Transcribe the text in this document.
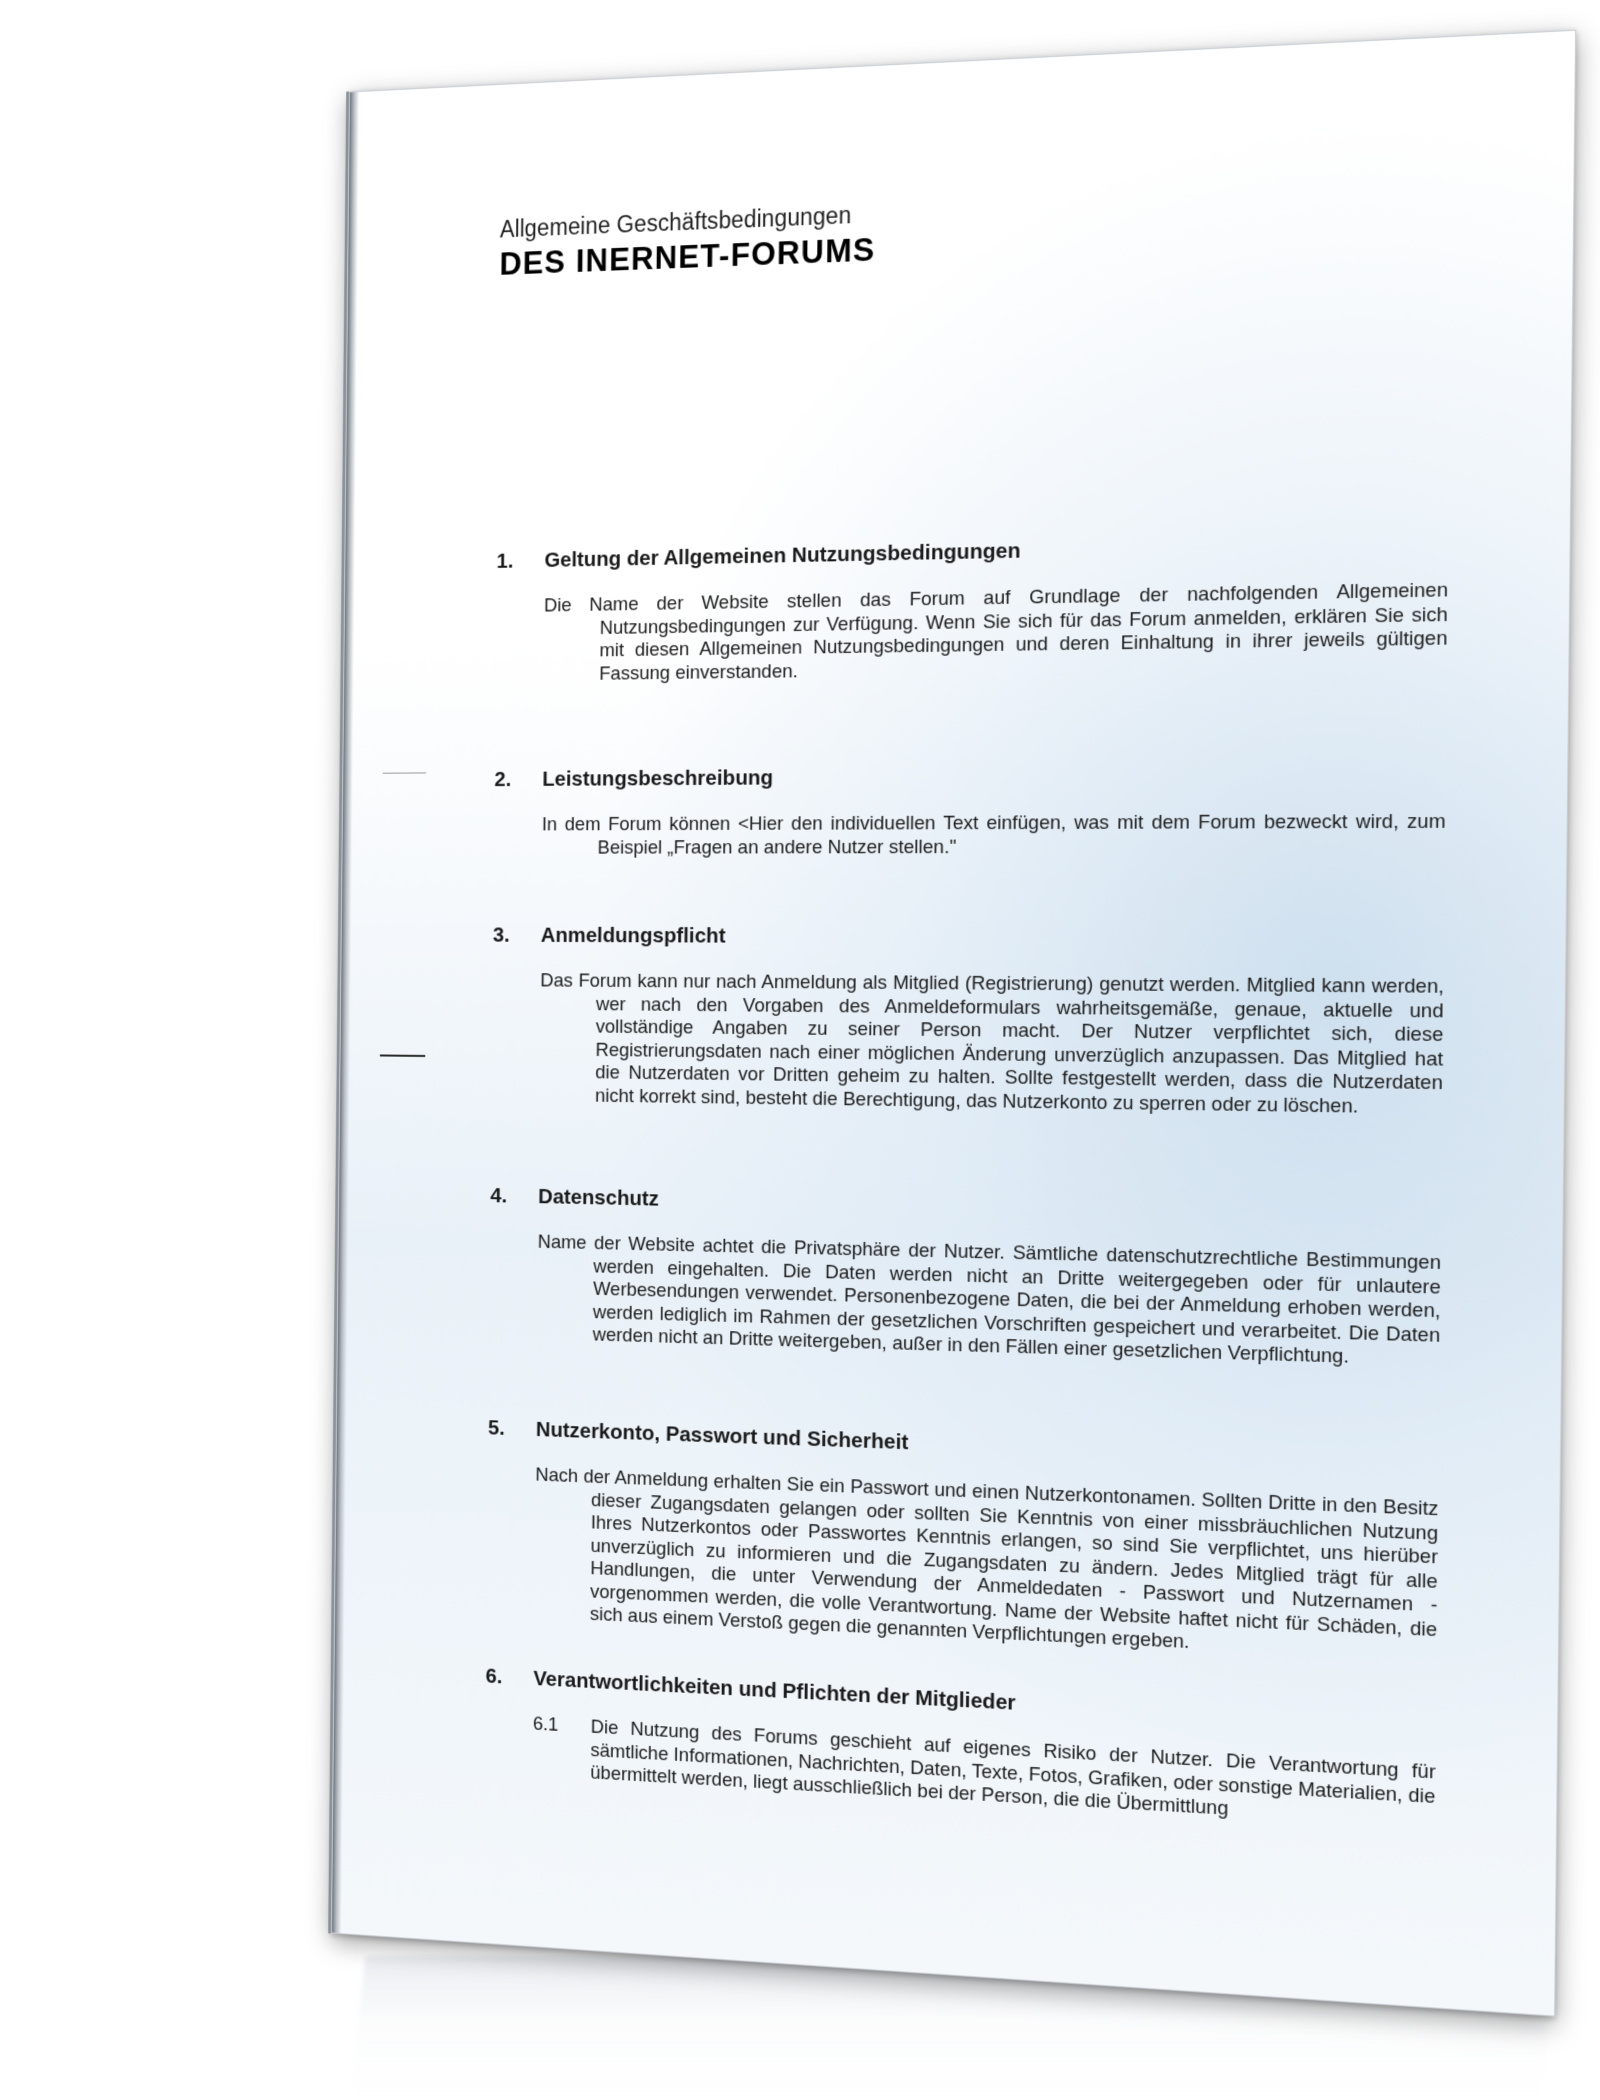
Allgemeine Geschäftsbedingungen
DES INERNET-FORUMS
1.	Geltung der Allgemeinen Nutzungsbedingungen
Die Name der Website stellen das Forum auf Grundlage der nachfolgenden Allgemeinen Nutzungsbedingungen zur Verfügung. Wenn Sie sich für das Forum anmelden, erklären Sie sich mit diesen Allgemeinen Nutzungsbedingungen und deren Einhaltung in ihrer jeweils gültigen Fassung einverstanden.
2.	Leistungsbeschreibung
In dem Forum können <Hier den individuellen Text einfügen, was mit dem Forum bezweckt wird, zum Beispiel „Fragen an andere Nutzer stellen."
3.	Anmeldungspflicht
Das Forum kann nur nach Anmeldung als Mitglied (Registrierung) genutzt werden. Mitglied kann werden, wer nach den Vorgaben des Anmeldeformulars wahrheitsgemäße, genaue, aktuelle und vollständige Angaben zu seiner Person macht. Der Nutzer verpflichtet sich, diese Registrierungsdaten nach einer möglichen Änderung unverzüglich anzupassen. Das Mitglied hat die Nutzerdaten vor Dritten geheim zu halten. Sollte festgestellt werden, dass die Nutzerdaten nicht korrekt sind, besteht die Berechtigung, das Nutzerkonto zu sperren oder zu löschen.
4.	Datenschutz
Name der Website achtet die Privatsphäre der Nutzer. Sämtliche datenschutzrechtliche Bestimmungen werden eingehalten. Die Daten werden nicht an Dritte weitergegeben oder für unlautere Werbesendungen verwendet. Personenbezogene Daten, die bei der Anmeldung erhoben werden, werden lediglich im Rahmen der gesetzlichen Vorschriften gespeichert und verarbeitet. Die Daten werden nicht an Dritte weitergeben, außer in den Fällen einer gesetzlichen Verpflichtung.
5.	Nutzerkonto, Passwort und Sicherheit
Nach der Anmeldung erhalten Sie ein Passwort und einen Nutzerkontonamen. Sollten Dritte in den Besitz dieser Zugangsdaten gelangen oder sollten Sie Kenntnis von einer missbräuchlichen Nutzung Ihres Nutzerkontos oder Passwortes Kenntnis erlangen, so sind Sie verpflichtet, uns hierüber unverzüglich zu informieren und die Zugangsdaten zu ändern. Jedes Mitglied trägt für alle Handlungen, die unter Verwendung der Anmeldedaten - Passwort und Nutzernamen - vorgenommen werden, die volle Verantwortung. Name der Website haftet nicht für Schäden, die sich aus einem Verstoß gegen die genannten Verpflichtungen ergeben.
6.	Verantwortlichkeiten und Pflichten der Mitglieder
6.1	Die Nutzung des Forums geschieht auf eigenes Risiko der Nutzer. Die Verantwortung für sämtliche Informationen, Nachrichten, Daten, Texte, Fotos, Grafiken, oder sonstige Materialien, die übermittelt werden, liegt ausschließlich bei der Person, die die Übermittlung
